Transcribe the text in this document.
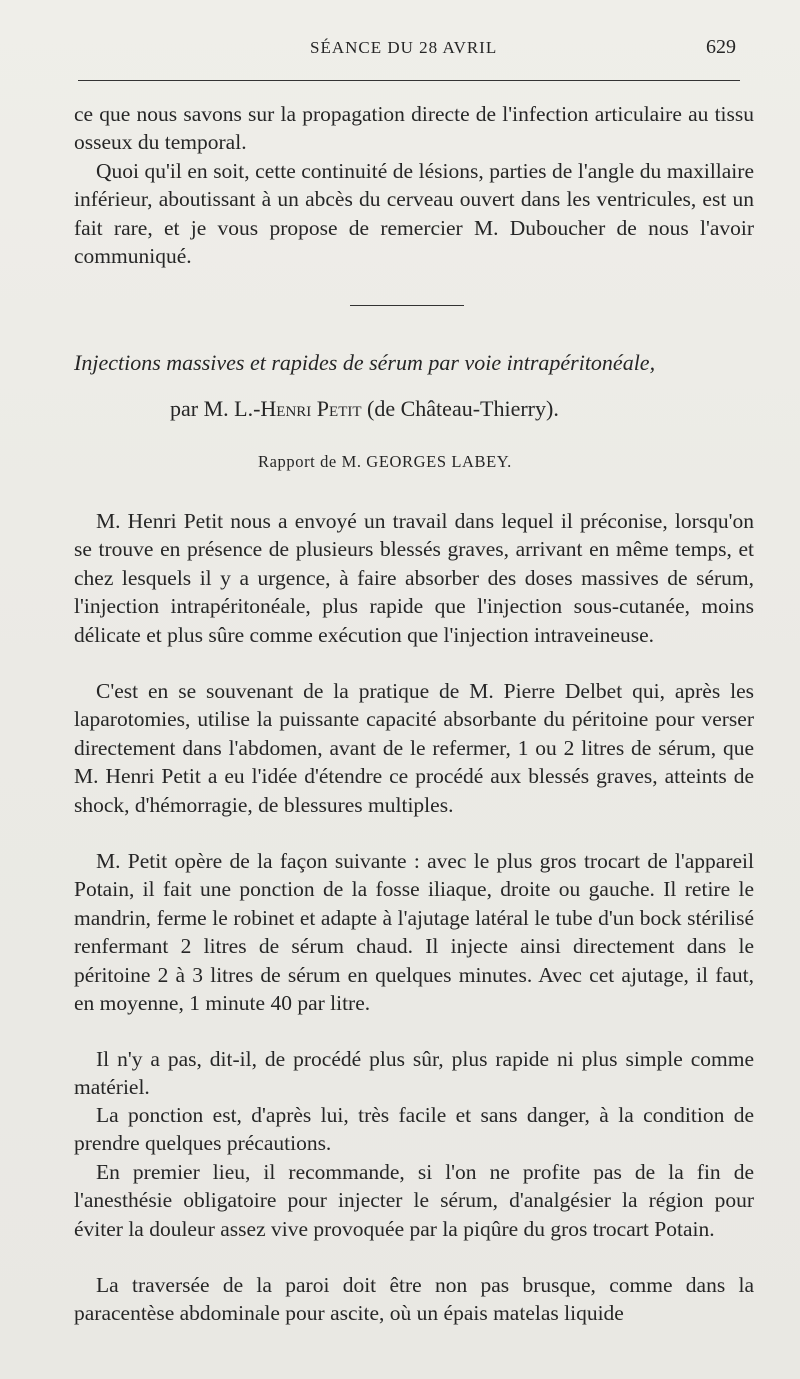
SÉANCE DU 28 AVRIL	629

ce que nous savons sur la propagation directe de l'infection articulaire au tissu osseux du temporal.

Quoi qu'il en soit, cette continuité de lésions, parties de l'angle du maxillaire inférieur, aboutissant à un abcès du cerveau ouvert dans les ventricules, est un fait rare, et je vous propose de remercier M. Duboucher de nous l'avoir communiqué.

Injections massives et rapides de sérum par voie intrapéritonéale,
par M. L.-Henri Petit (de Château-Thierry).
Rapport de M. GEORGES LABEY.

M. Henri Petit nous a envoyé un travail dans lequel il préconise, lorsqu'on se trouve en présence de plusieurs blessés graves, arrivant en même temps, et chez lesquels il y a urgence, à faire absorber des doses massives de sérum, l'injection intrapéritonéale, plus rapide que l'injection sous-cutanée, moins délicate et plus sûre comme exécution que l'injection intraveineuse.

C'est en se souvenant de la pratique de M. Pierre Delbet qui, après les laparotomies, utilise la puissante capacité absorbante du péritoine pour verser directement dans l'abdomen, avant de le refermer, 1 ou 2 litres de sérum, que M. Henri Petit a eu l'idée d'étendre ce procédé aux blessés graves, atteints de shock, d'hémorragie, de blessures multiples.

M. Petit opère de la façon suivante : avec le plus gros trocart de l'appareil Potain, il fait une ponction de la fosse iliaque, droite ou gauche. Il retire le mandrin, ferme le robinet et adapte à l'ajutage latéral le tube d'un bock stérilisé renfermant 2 litres de sérum chaud. Il injecte ainsi directement dans le péritoine 2 à 3 litres de sérum en quelques minutes. Avec cet ajutage, il faut, en moyenne, 1 minute 40 par litre.

Il n'y a pas, dit-il, de procédé plus sûr, plus rapide ni plus simple comme matériel.

La ponction est, d'après lui, très facile et sans danger, à la condition de prendre quelques précautions.

En premier lieu, il recommande, si l'on ne profite pas de la fin de l'anesthésie obligatoire pour injecter le sérum, d'analgésier la région pour éviter la douleur assez vive provoquée par la piqûre du gros trocart Potain.

La traversée de la paroi doit être non pas brusque, comme dans la paracentèse abdominale pour ascite, où un épais matelas liquide
